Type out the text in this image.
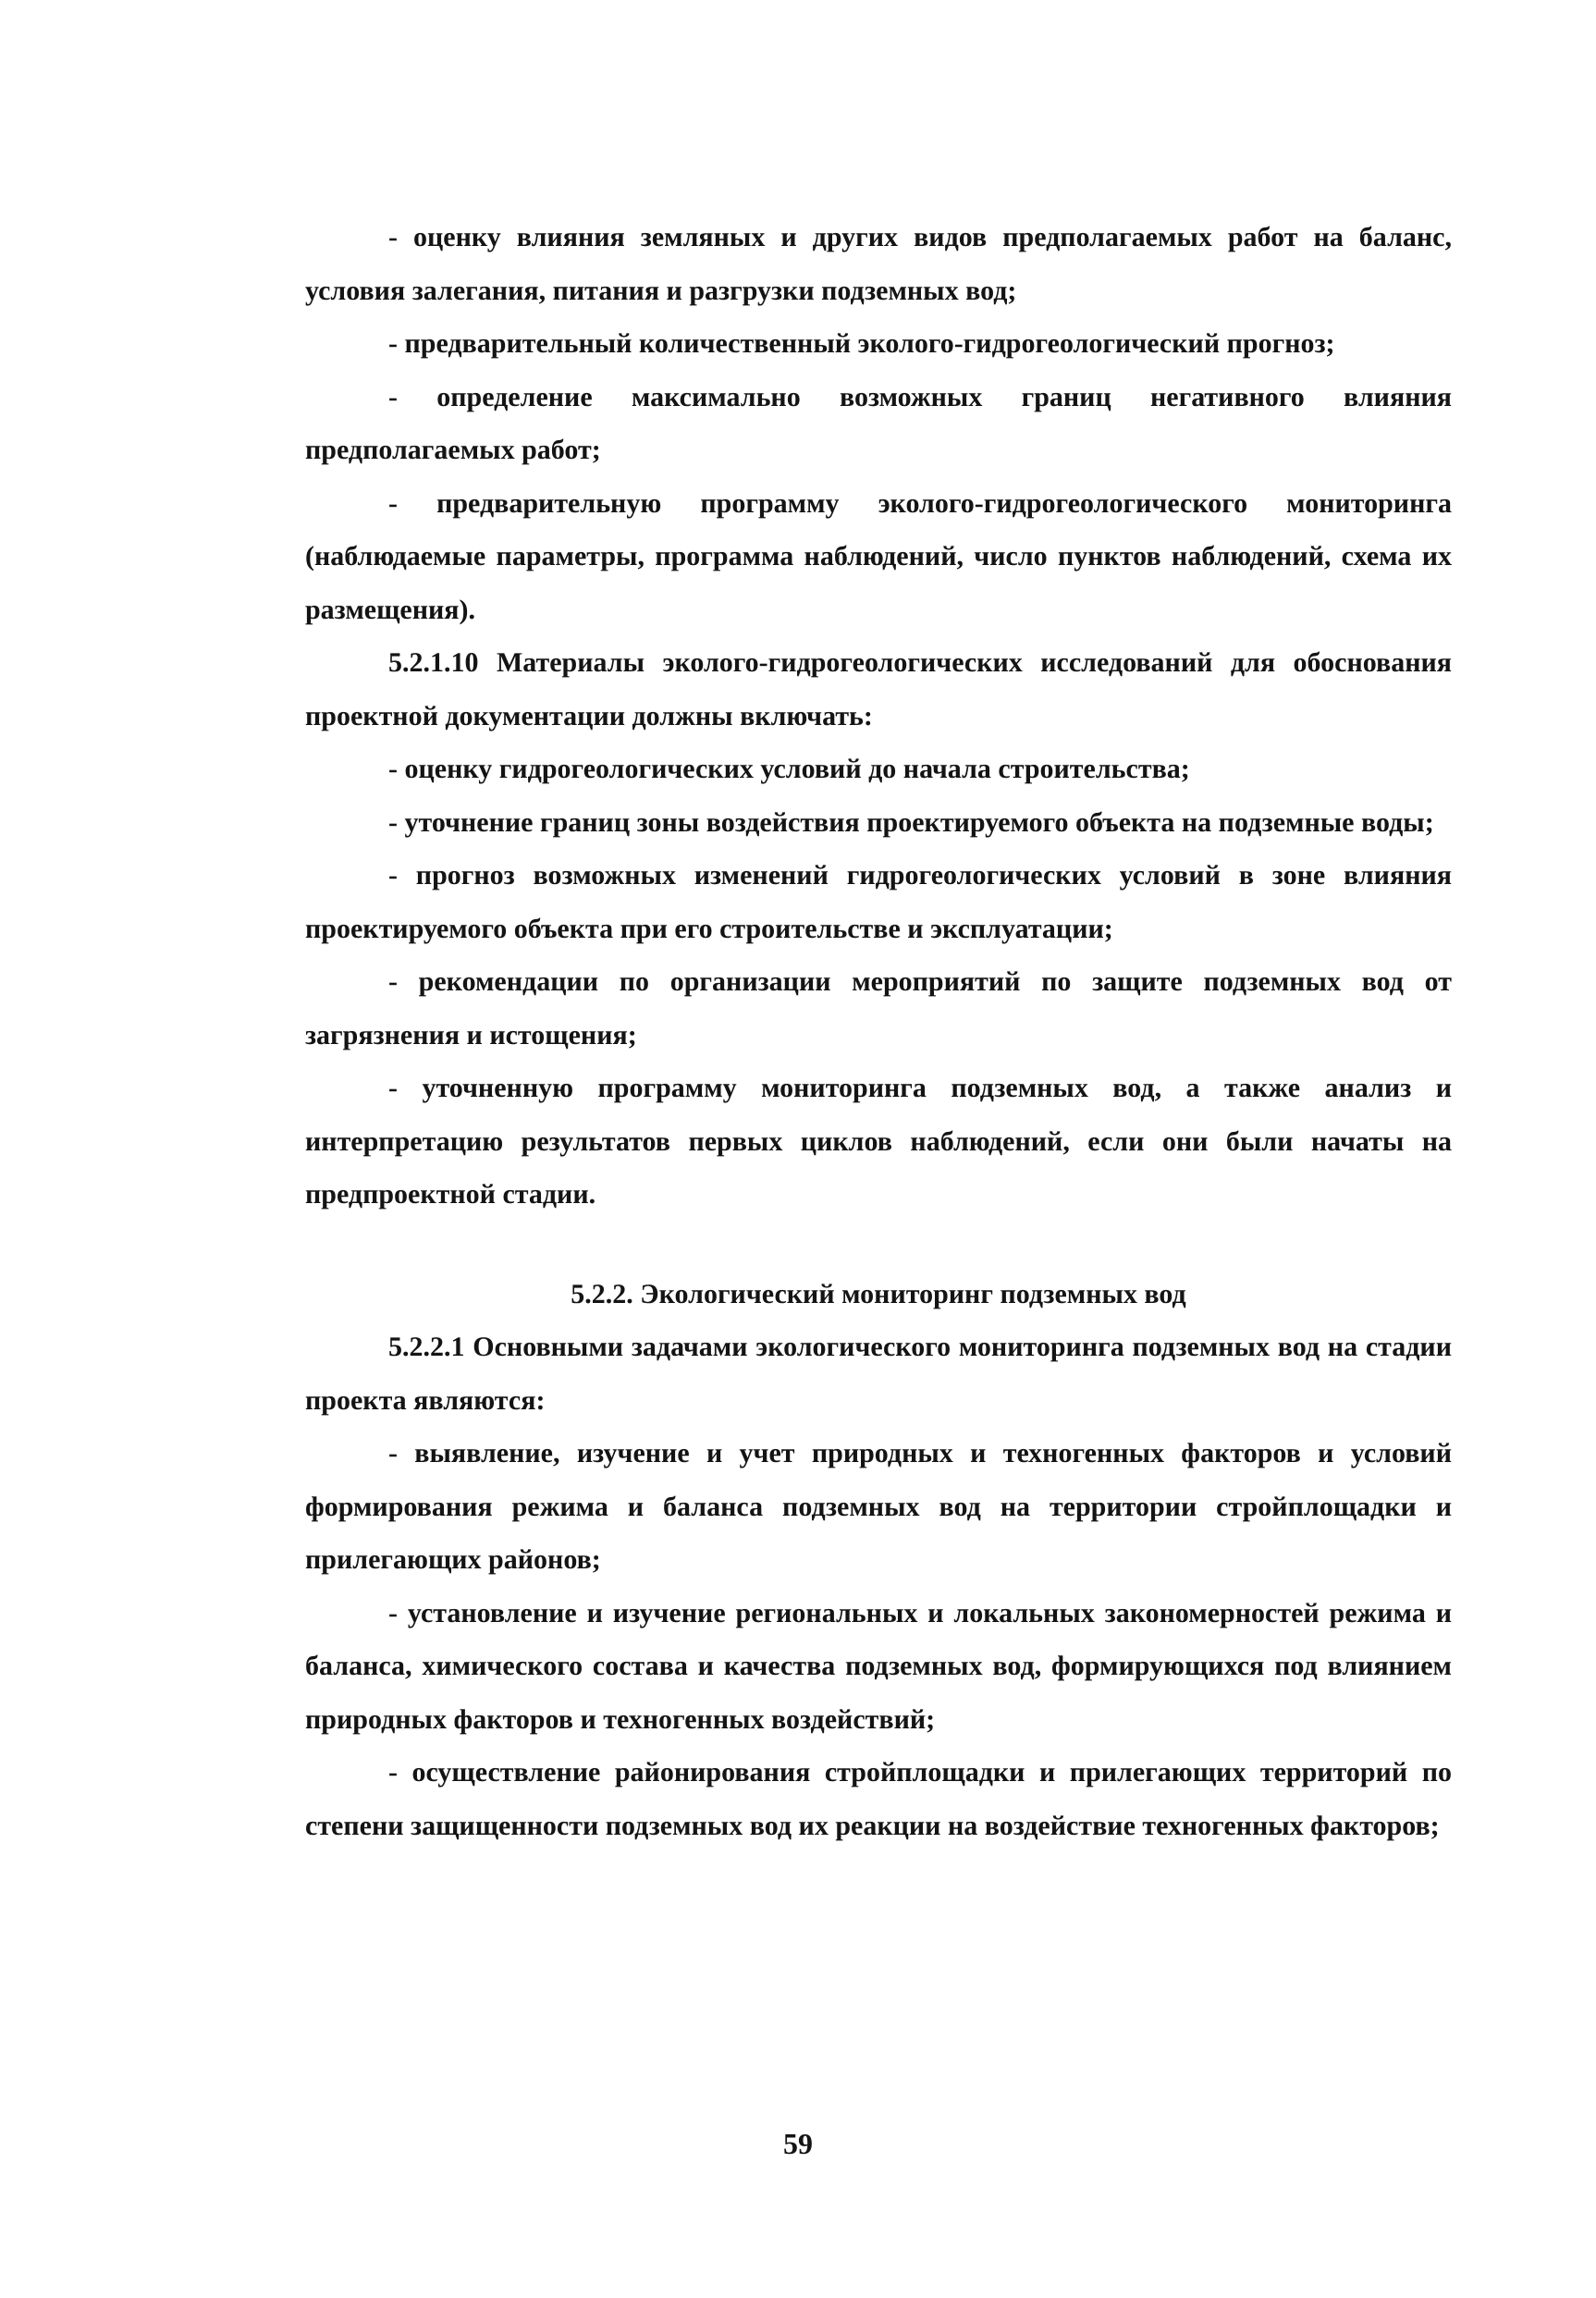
- оценку влияния земляных и других видов предполагаемых работ на баланс, условия залегания, питания и разгрузки подземных вод;

- предварительный количественный эколого-гидрогеологический прогноз;

- определение максимально возможных границ негативного влияния предполагаемых работ;

- предварительную программу эколого-гидрогеологического мониторинга (наблюдаемые параметры, программа наблюдений, число пунктов наблюдений, схема их размещения).

5.2.1.10 Материалы эколого-гидрогеологических исследований для обоснования проектной документации должны включать:

- оценку гидрогеологических условий до начала строительства;

- уточнение границ зоны воздействия проектируемого объекта на подземные воды;

- прогноз возможных изменений гидрогеологических условий в зоне влияния проектируемого объекта при его строительстве и эксплуатации;

- рекомендации по организации мероприятий по защите подземных вод от загрязнения и истощения;

- уточненную программу мониторинга подземных вод, а также анализ и интерпретацию результатов первых циклов наблюдений, если они были начаты на предпроектной стадии.

5.2.2. Экологический мониторинг подземных вод

5.2.2.1 Основными задачами экологического мониторинга подземных вод на стадии проекта являются:

- выявление, изучение и учет природных и техногенных факторов и условий формирования режима и баланса подземных вод на территории стройплощадки и прилегающих районов;

- установление и изучение региональных и локальных закономерностей режима и баланса, химического состава и качества подземных вод, формирующихся под влиянием природных факторов и техногенных воздействий;

- осуществление районирования стройплощадки и прилегающих территорий по степени защищенности подземных вод их реакции на воздействие техногенных факторов;

59
